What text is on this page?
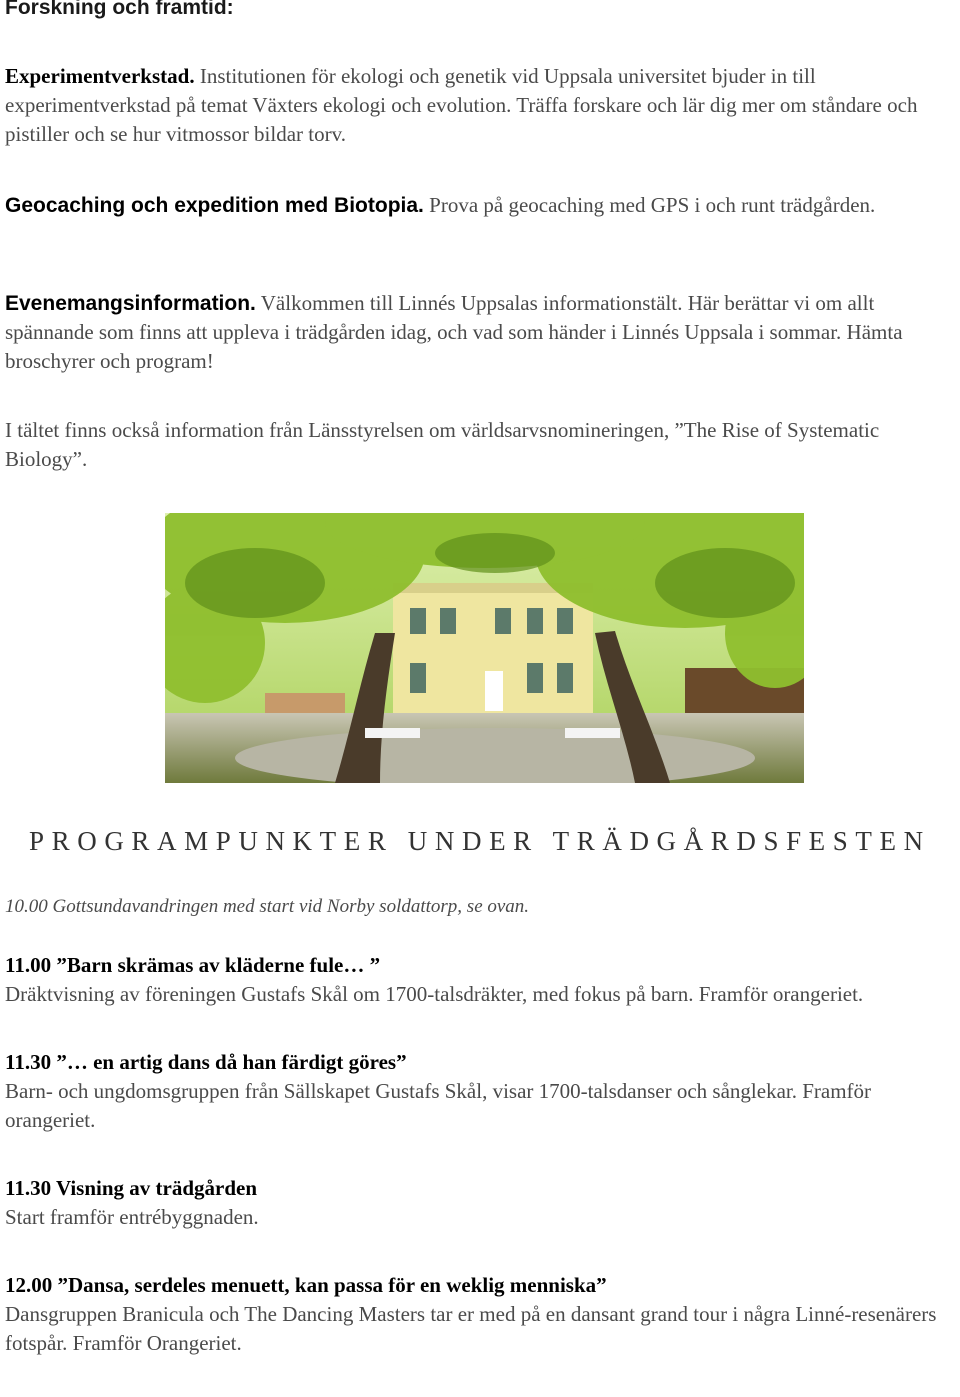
Forskning och framtid:

Experimentverkstad. Institutionen för ekologi och genetik vid Uppsala universitet bjuder in till experimentverkstad på temat Växters ekologi och evolution. Träffa forskare och lär dig mer om ståndare och pistiller och se hur vitmossor bildar torv.

Geocaching och expedition med Biotopia. Prova på geocaching med GPS i och runt trädgården.

Evenemangsinformation. Välkommen till Linnés Uppsalas informationstält. Här berättar vi om allt spännande som finns att uppleva i trädgården idag, och vad som händer i Linnés Uppsala i sommar. Hämta broschyrer och program!

I tältet finns också information från Länsstyrelsen om världsarvsnomineringen, ”The Rise of Systematic Biology”.

PROGRAMPUNKTER UNDER TRÄDGÅRDSFESTEN

10.00 Gottsundavandringen med start vid Norby soldattorp, se ovan.

11.00 ”Barn skrämas av kläderne fule… ”

Dräktvisning av föreningen Gustafs Skål om 1700-talsdräkter, med fokus på barn. Framför orangeriet.

11.30 ”… en artig dans då han färdigt göres”

Barn- och ungdomsgruppen från Sällskapet Gustafs Skål, visar 1700-talsdanser och sånglekar. Framför orangeriet.

11.30 Visning av trädgården

Start framför entrébyggnaden.

12.00 ”Dansa, serdeles menuett, kan passa för en weklig menniska”

Dansgruppen Branicula och The Dancing Masters tar er med på en dansant grand tour i några Linné-resenärers fotspår. Framför Orangeriet.
